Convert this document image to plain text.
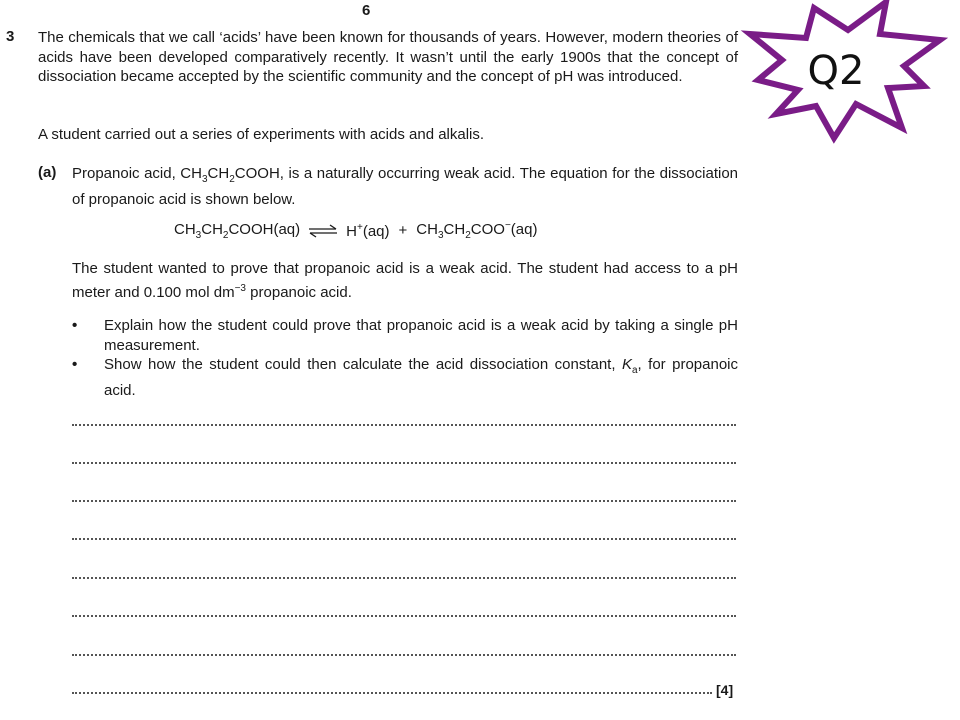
6
3 The chemicals that we call ‘acids’ have been known for thousands of years. However, modern theories of acids have been developed comparatively recently. It wasn’t until the early 1900s that the concept of dissociation became accepted by the scientific community and the concept of pH was introduced.
A student carried out a series of experiments with acids and alkalis.
(a) Propanoic acid, $CH_3CH_2COOH$, is a naturally occurring weak acid. The equation for the dissociation of propanoic acid is shown below.
$CH_3CH_2COOH(aq)$ ⇌ $H^+(aq) + CH_3CH_2COO^-(aq)$
The student wanted to prove that propanoic acid is a weak acid. The student had access to a pH meter and 0.100 mol $dm^{-3}$ propanoic acid.
• Explain how the student could prove that propanoic acid is a weak acid by taking a single pH measurement.
• Show how the student could then calculate the acid dissociation constant, $K_a$, for propanoic acid.
[4]
Q2
